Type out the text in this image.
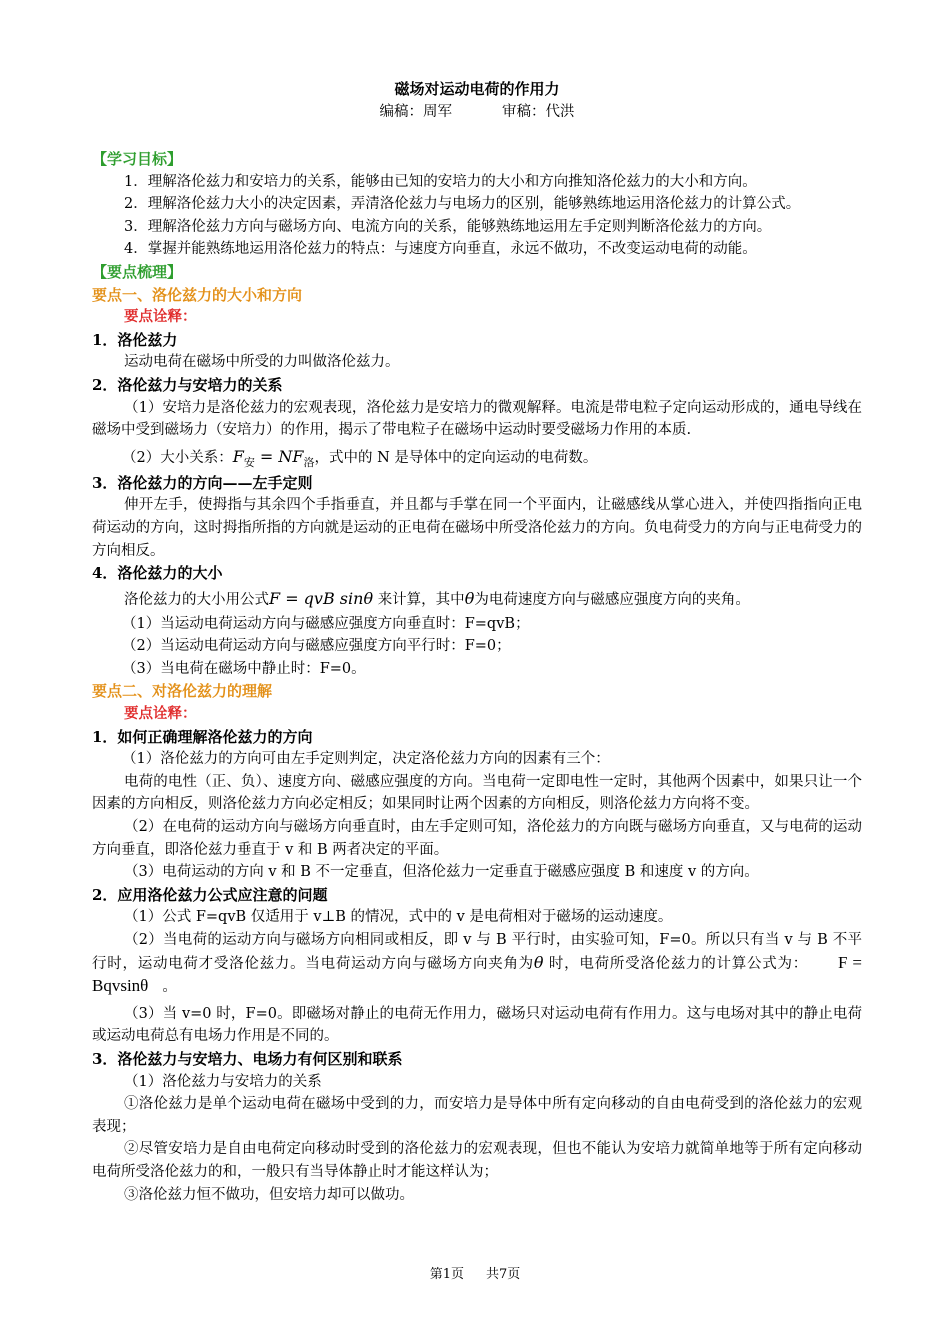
磁场对运动电荷的作用力
编稿：周军	审稿：代洪
【学习目标】
1．理解洛伦兹力和安培力的关系，能够由已知的安培力的大小和方向推知洛伦兹力的大小和方向。
2．理解洛伦兹力大小的决定因素，弄清洛伦兹力与电场力的区别，能够熟练地运用洛伦兹力的计算公式。
3．理解洛伦兹力方向与磁场方向、电流方向的关系，能够熟练地运用左手定则判断洛伦兹力的方向。
4．掌握并能熟练地运用洛伦兹力的特点：与速度方向垂直，永远不做功，不改变运动电荷的动能。
【要点梳理】
要点一、洛伦兹力的大小和方向
要点诠释：
1．洛伦兹力
运动电荷在磁场中所受的力叫做洛伦兹力。
2．洛伦兹力与安培力的关系
（1）安培力是洛伦兹力的宏观表现，洛伦兹力是安培力的微观解释。电流是带电粒子定向运动形成的，通电导线在磁场中受到磁场力（安培力）的作用，揭示了带电粒子在磁场中运动时要受磁场力作用的本质.
（2）大小关系：$F_安 = NF_洛$，式中的 N 是导体中的定向运动的电荷数。
3．洛伦兹力的方向——左手定则
伸开左手，使拇指与其余四个手指垂直，并且都与手掌在同一个平面内，让磁感线从掌心进入，并使四指指向正电荷运动的方向，这时拇指所指的方向就是运动的正电荷在磁场中所受洛伦兹力的方向。负电荷受力的方向与正电荷受力的方向相反。
4．洛伦兹力的大小
洛伦兹力的大小用公式F = qvB sinθ 来计算，其中θ为电荷速度方向与磁感应强度方向的夹角。
（1）当运动电荷运动方向与磁感应强度方向垂直时：F=qvB；
（2）当运动电荷运动方向与磁感应强度方向平行时：F=0；
（3）当电荷在磁场中静止时：F=0。
要点二、对洛伦兹力的理解
要点诠释：
1．如何正确理解洛伦兹力的方向
（1）洛伦兹力的方向可由左手定则判定，决定洛伦兹力方向的因素有三个：
电荷的电性（正、负）、速度方向、磁感应强度的方向。当电荷一定即电性一定时，其他两个因素中，如果只让一个因素的方向相反，则洛伦兹力方向必定相反；如果同时让两个因素的方向相反，则洛伦兹力方向将不变。
（2）在电荷的运动方向与磁场方向垂直时，由左手定则可知，洛伦兹力的方向既与磁场方向垂直，又与电荷的运动方向垂直，即洛伦兹力垂直于 v 和 B 两者决定的平面。
（3）电荷运动的方向 v 和 B 不一定垂直，但洛伦兹力一定垂直于磁感应强度 B 和速度 v 的方向。
2．应用洛伦兹力公式应注意的问题
（1）公式 F=qvB 仅适用于 v⊥B 的情况，式中的 v 是电荷相对于磁场的运动速度。
（2）当电荷的运动方向与磁场方向相同或相反，即 v 与 B 平行时，由实验可知，F=0。所以只有当 v 与 B 不平行时，运动电荷才受洛伦兹力。当电荷运动方向与磁场方向夹角为θ 时，电荷所受洛伦兹力的计算公式为： F = Bqvsinθ 。
（3）当 v=0 时，F=0。即磁场对静止的电荷无作用力，磁场只对运动电荷有作用力。这与电场对其中的静止电荷或运动电荷总有电场力作用是不同的。
3．洛伦兹力与安培力、电场力有何区别和联系
（1）洛伦兹力与安培力的关系
①洛伦兹力是单个运动电荷在磁场中受到的力，而安培力是导体中所有定向移动的自由电荷受到的洛伦兹力的宏观表现；
②尽管安培力是自由电荷定向移动时受到的洛伦兹力的宏观表现，但也不能认为安培力就简单地等于所有定向移动电荷所受洛伦兹力的和，一般只有当导体静止时才能这样认为；
③洛伦兹力恒不做功，但安培力却可以做功。
第1页 共7页
